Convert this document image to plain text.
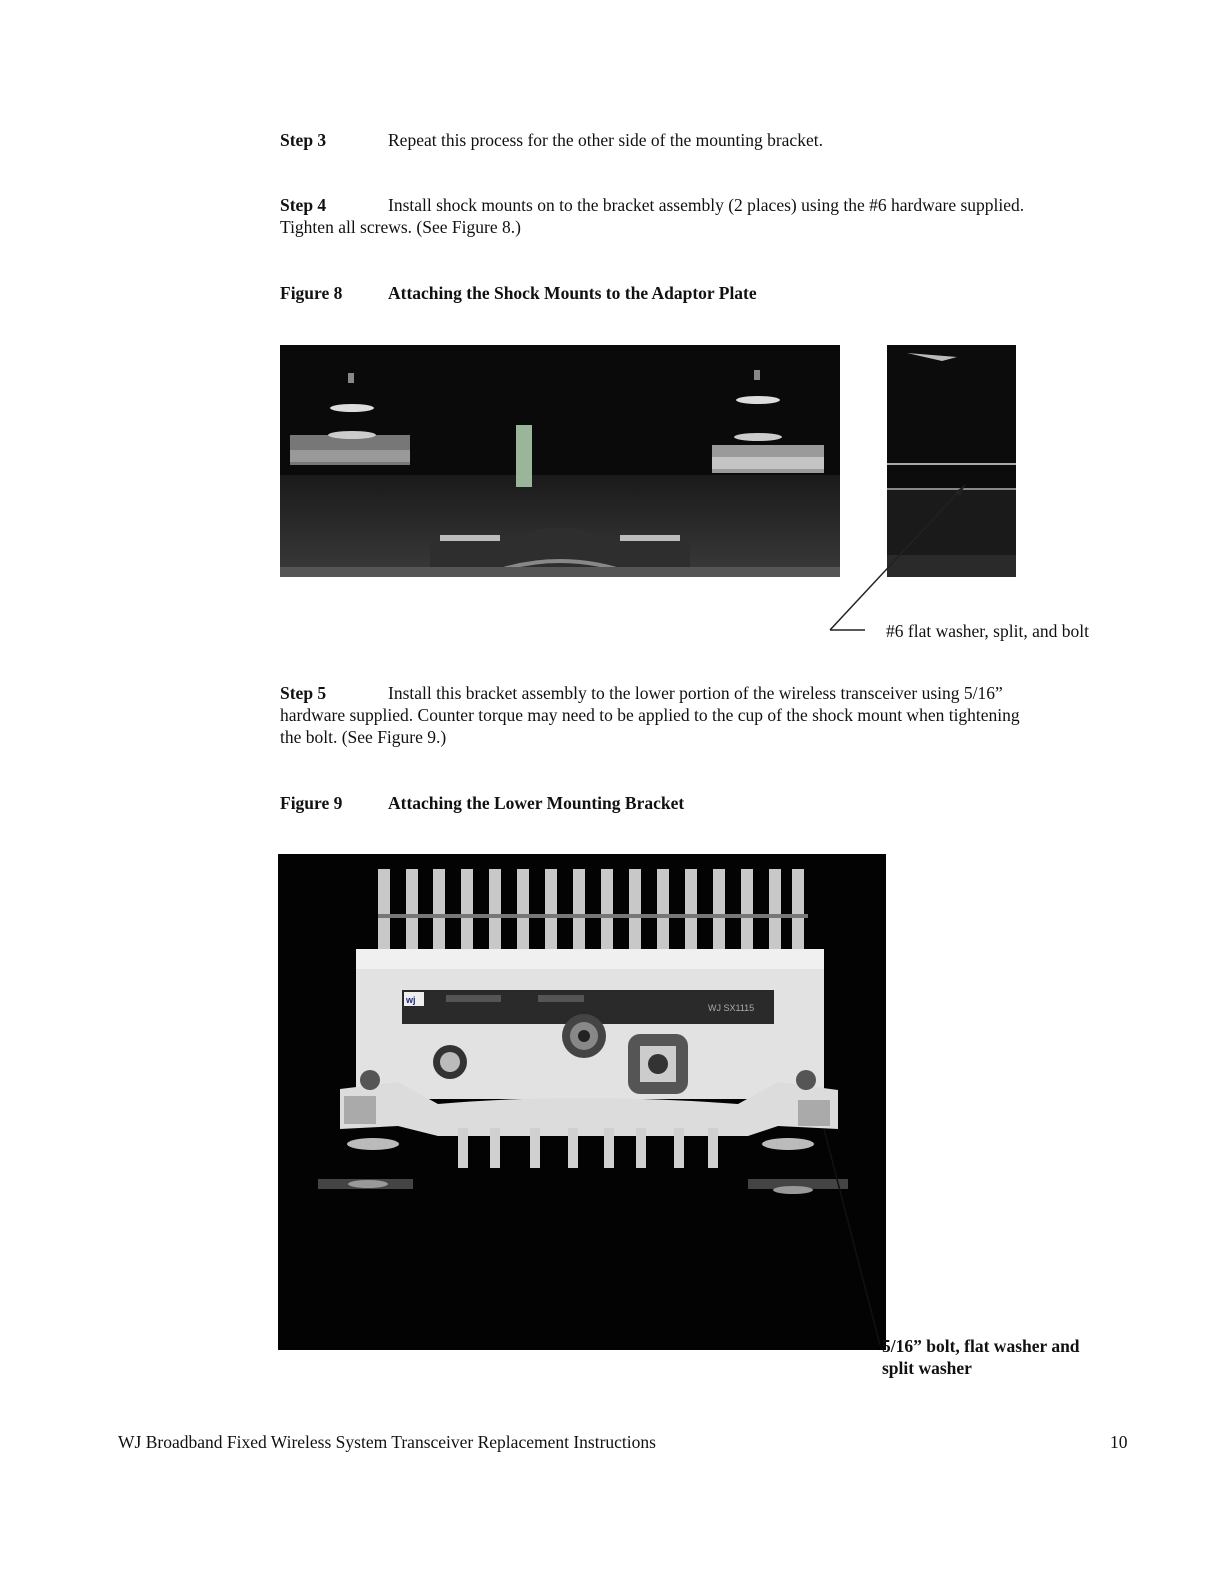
Step 3	Repeat this process for the other side of the mounting bracket.
Step 4	Install shock mounts on to the bracket assembly (2 places) using the #6 hardware supplied.
Tighten all screws. (See Figure 8.)
Figure 8	Attaching the Shock Mounts to the Adaptor Plate
#6 flat washer, split, and bolt
Step 5	Install this bracket assembly to the lower portion of the wireless transceiver using 5/16”
hardware supplied. Counter torque may need to be applied to the cup of the shock mount when tightening
the bolt. (See Figure 9.)
Figure 9	Attaching the Lower Mounting Bracket
wj
WJ SX1115
5/16” bolt, flat washer and
split washer
WJ Broadband Fixed Wireless System Transceiver Replacement Instructions	10
